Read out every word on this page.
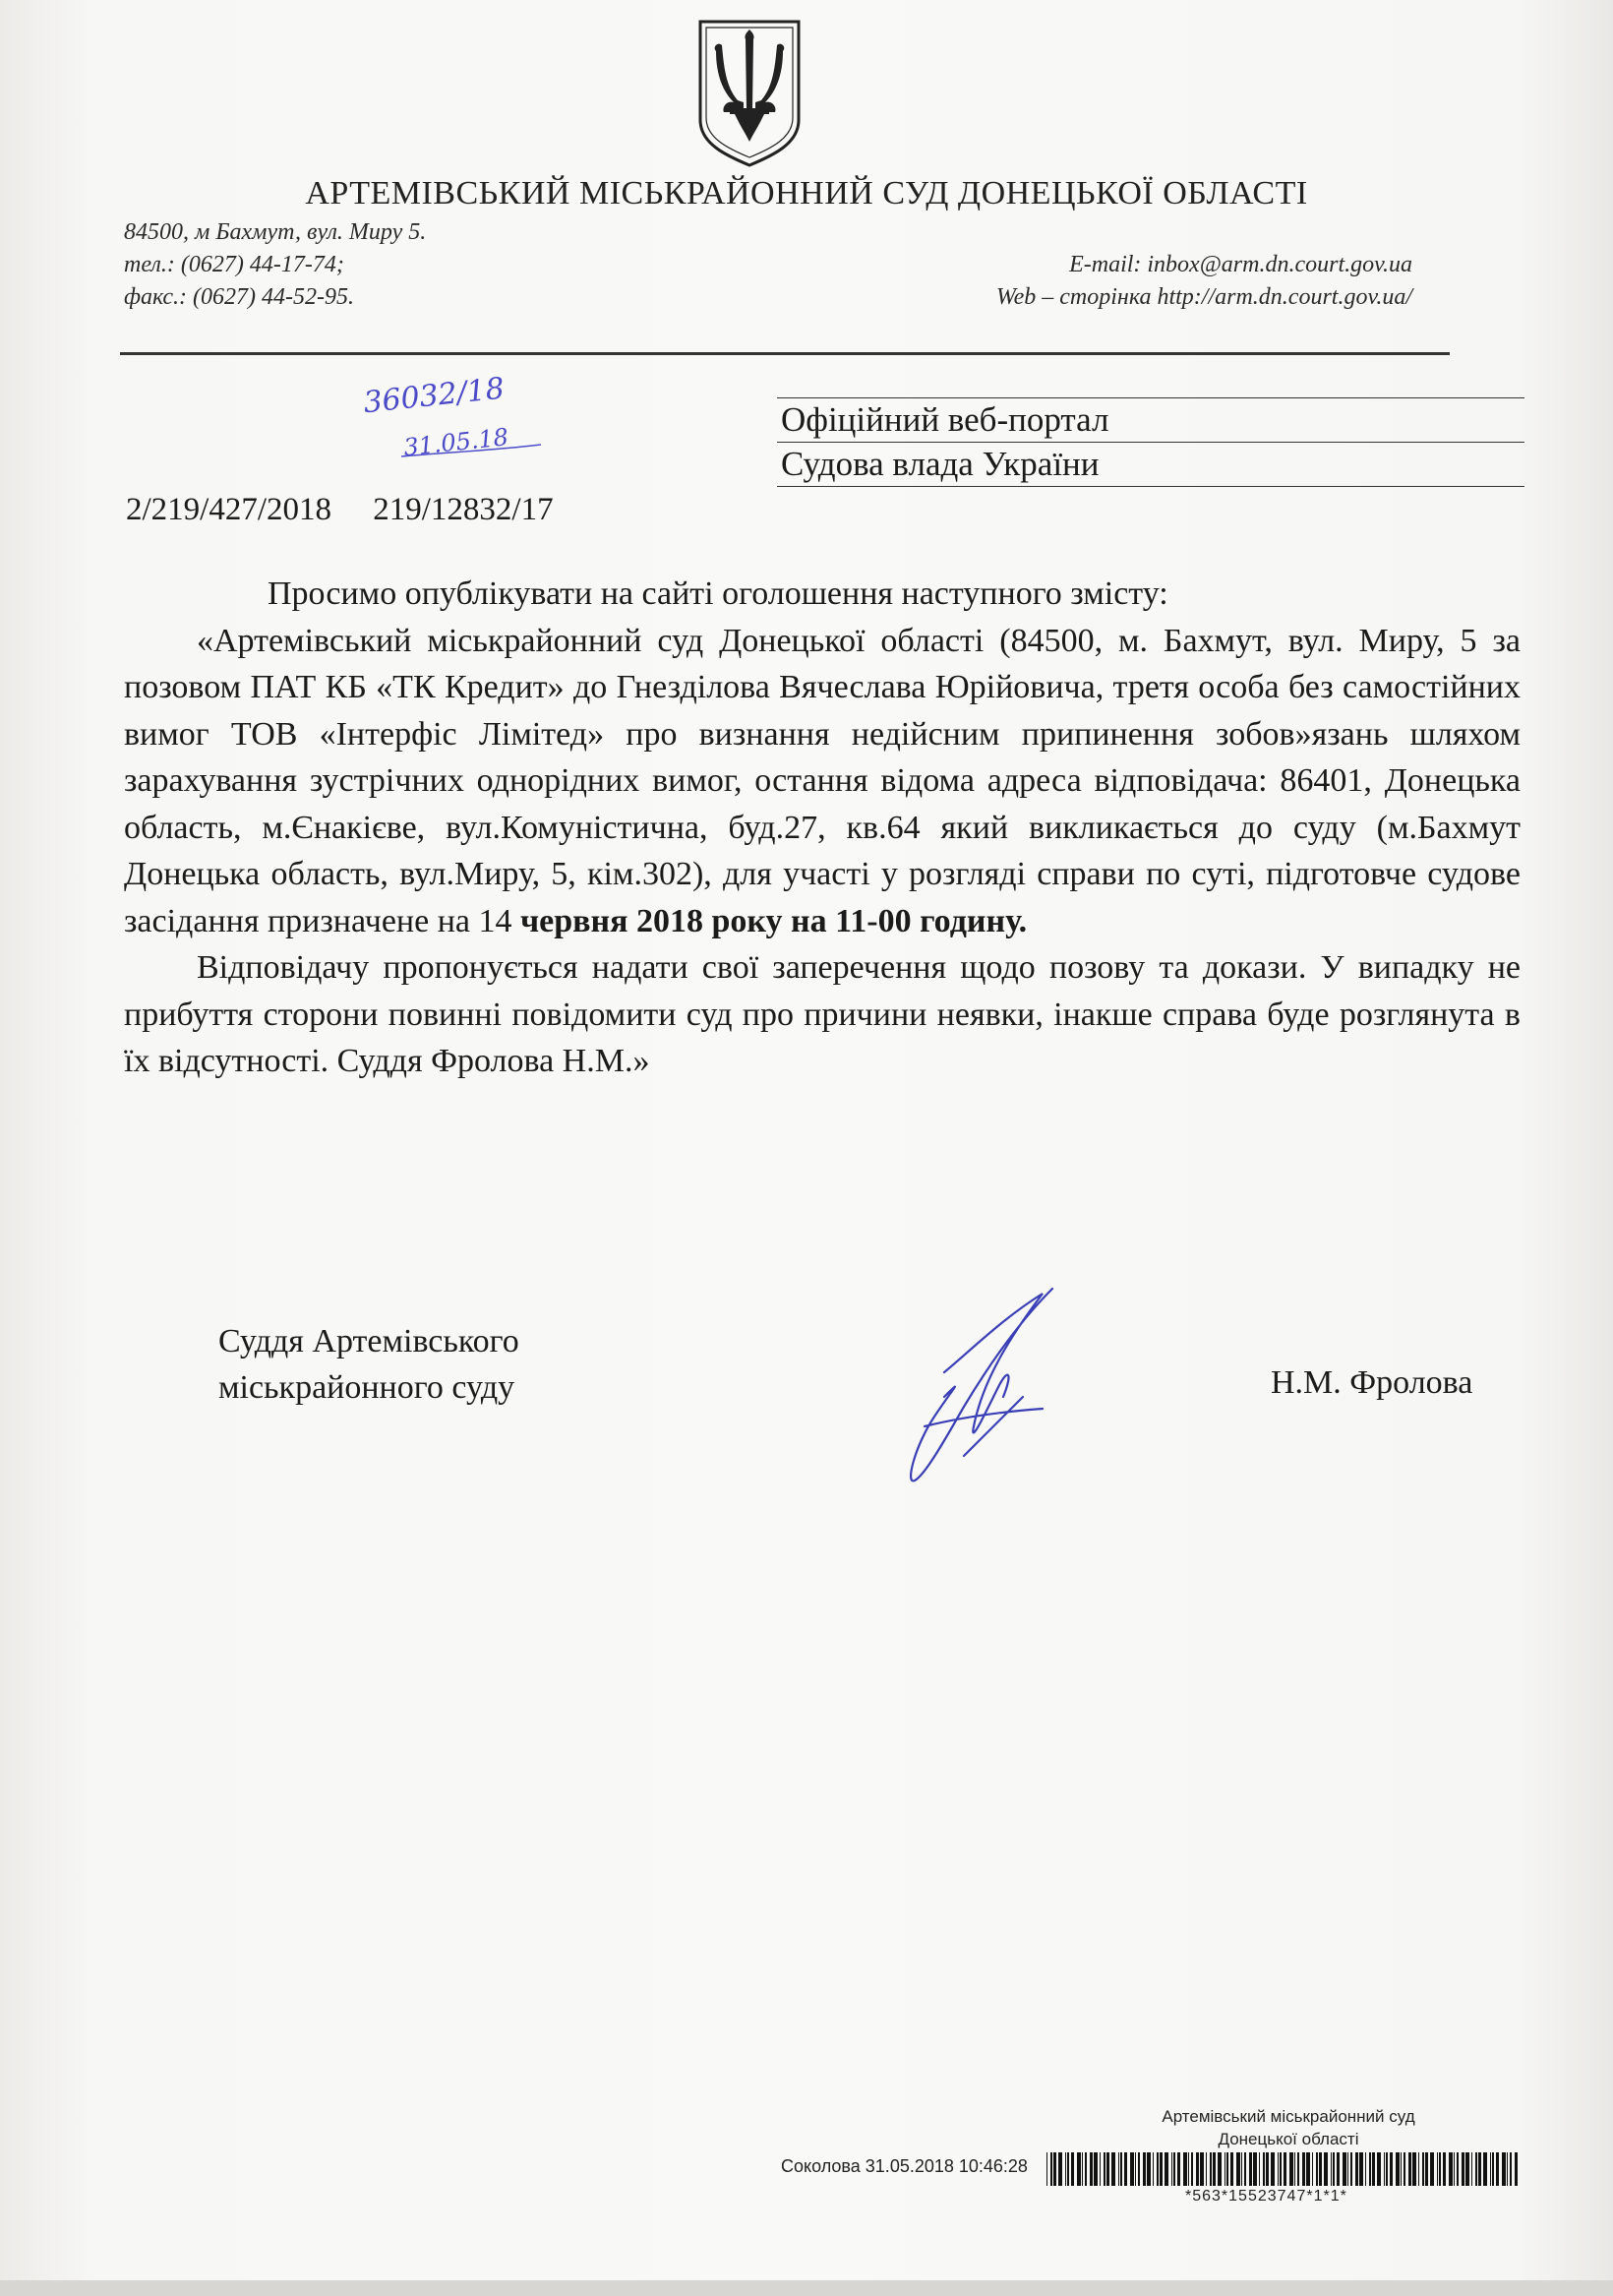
АРТЕМІВСЬКИЙ МІСЬКРАЙОННИЙ СУД ДОНЕЦЬКОЇ ОБЛАСТІ
84500, м Бахмут, вул. Миру 5.
тел.: (0627) 44-17-74;
факс.: (0627) 44-52-95.
E-mail: inbox@arm.dn.court.gov.ua
Web – сторінка http://arm.dn.court.gov.ua/
36032/18
31.05.18
Офіційний веб-портал
Судова влада України
2/219/427/2018 219/12832/17

Просимо опублікувати на сайті оголошення наступного змісту:

«Артемівський міськрайонний суд Донецької області (84500, м. Бахмут, вул. Миру, 5 за позовом ПАТ КБ «ТК Кредит» до Гнезділова Вячеслава Юрійовича, третя особа без самостійних вимог ТОВ «Інтерфіс Лімітед» про визнання недійсним припинення зобов»язань шляхом зарахування зустрічних однорідних вимог, остання відома адреса відповідача: 86401, Донецька область, м.Єнакієве, вул.Комуністична, буд.27, кв.64 який викликається до суду (м.Бахмут Донецька область, вул.Миру, 5, кім.302), для участі у розгляді справи по суті, підготовче судове засідання призначене на 14 червня 2018 року на 11-00 годину.

Відповідачу пропонується надати свої заперечення щодо позову та докази. У випадку не прибуття сторони повинні повідомити суд про причини неявки, інакше справа буде розглянута в їх відсутності. Суддя Фролова Н.М.»

Суддя Артемівського
міськрайонного суду	Н.М. Фролова
Артемівський міськрайонний суд
Донецької області
Соколова 31.05.2018 10:46:28
*563*15523747*1*1*
